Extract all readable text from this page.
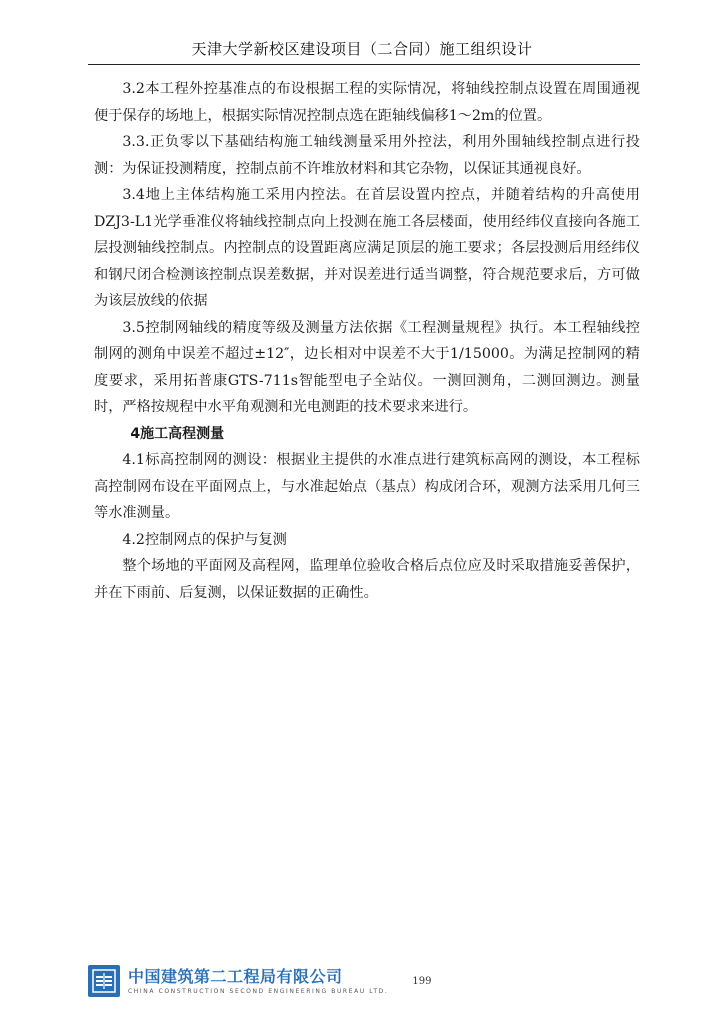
天津大学新校区建设项目（二合同）施工组织设计

3.2本工程外控基准点的布设根据工程的实际情况，将轴线控制点设置在周围通视便于保存的场地上，根据实际情况控制点选在距轴线偏移1～2m的位置。

3.3.正负零以下基础结构施工轴线测量采用外控法，利用外围轴线控制点进行投测：为保证投测精度，控制点前不许堆放材料和其它杂物，以保证其通视良好。

3.4地上主体结构施工采用内控法。在首层设置内控点，并随着结构的升高使用DZJ3-L1光学垂准仪将轴线控制点向上投测在施工各层楼面，使用经纬仪直接向各施工层投测轴线控制点。内控制点的设置距离应满足顶层的施工要求；各层投测后用经纬仪和钢尺闭合检测该控制点误差数据，并对误差进行适当调整，符合规范要求后，方可做为该层放线的依据

3.5控制网轴线的精度等级及测量方法依据《工程测量规程》执行。本工程轴线控制网的测角中误差不超过±12″，边长相对中误差不大于1/15000。为满足控制网的精度要求，采用拓普康GTS-711s智能型电子全站仪。一测回测角，二测回测边。测量时，严格按规程中水平角观测和光电测距的技术要求来进行。

4施工高程测量

4.1标高控制网的测设：根据业主提供的水准点进行建筑标高网的测设，本工程标高控制网布设在平面网点上，与水准起始点（基点）构成闭合环，观测方法采用几何三等水准测量。

4.2控制网点的保护与复测

整个场地的平面网及高程网，监理单位验收合格后点位应及时采取措施妥善保护，并在下雨前、后复测，以保证数据的正确性。

中国建筑第二工程局有限公司
CHINA CONSTRUCTION SECOND ENGINEERING BUREAU LTD.
199
